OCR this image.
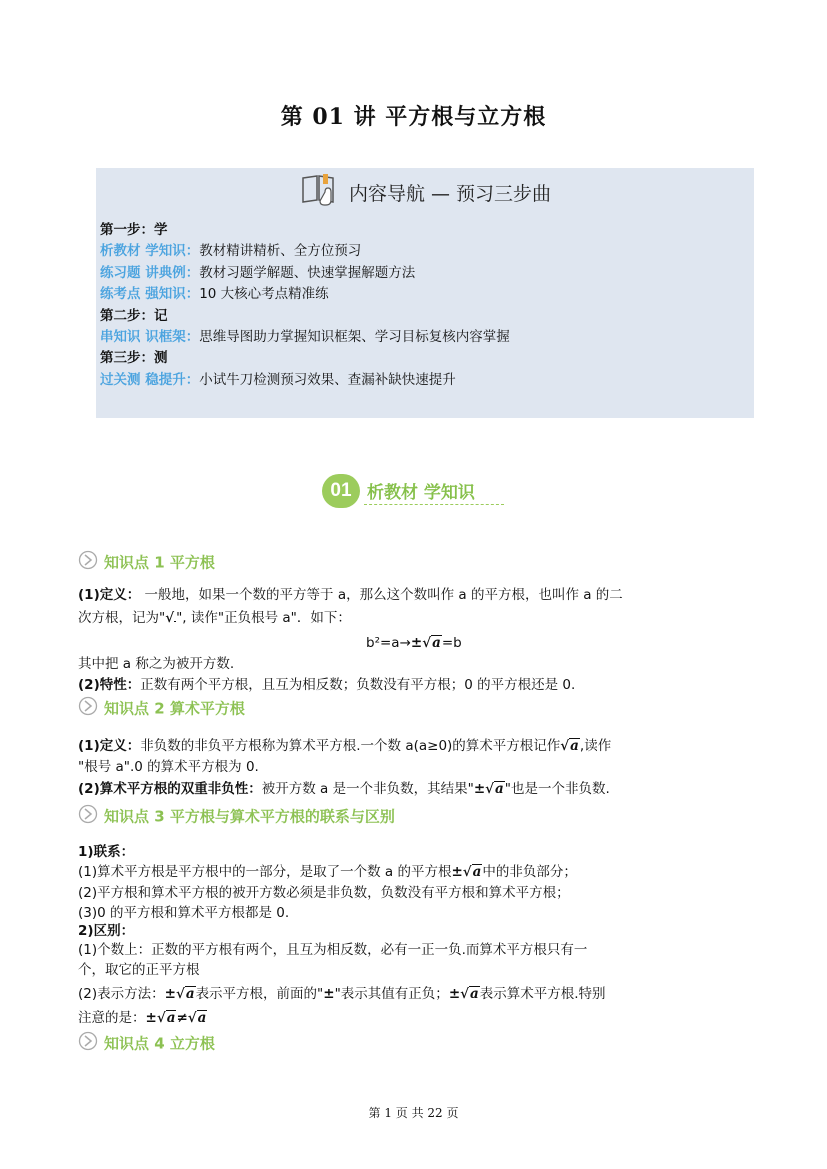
第 01 讲 平方根与立方根
内容导航 — 预习三步曲
第一步：学
析教材 学知识：教材精讲精析、全方位预习
练习题 讲典例：教材习题学解题、快速掌握解题方法
练考点 强知识：10 大核心考点精准练
第二步：记
串知识 识框架：思维导图助力掌握知识框架、学习目标复核内容掌握
第三步：测
过关测 稳提升：小试牛刀检测预习效果、查漏补缺快速提升
01 析教材 学知识
知识点 1 平方根
(1)定义： 一般地，如果一个数的平方等于 a，那么这个数叫作 a 的平方根，也叫作 a 的二
次方根，记为"√ ", 读作"正负根号 a"．如下：
b²=a→±√a=b
其中把 a 称之为被开方数.
(2)特性：正数有两个平方根，且互为相反数；负数没有平方根；0 的平方根还是 0.
知识点 2 算术平方根
(1)定义：非负数的非负平方根称为算术平方根.一个数 a(a≥0)的算术平方根记作√a,读作
"根号 a".0 的算术平方根为 0.
(2)算术平方根的双重非负性：被开方数 a 是一个非负数，其结果"±√a"也是一个非负数.
知识点 3 平方根与算术平方根的联系与区别
1)联系：
(1)算术平方根是平方根中的一部分，是取了一个数 a 的平方根±√a中的非负部分；
(2)平方根和算术平方根的被开方数必须是非负数，负数没有平方根和算术平方根；
(3)0 的平方根和算术平方根都是 0.
2)区别：
(1)个数上：正数的平方根有两个，且互为相反数，必有一正一负.而算术平方根只有一
个，取它的正平方根
(2)表示方法：±√a表示平方根，前面的"±"表示其值有正负；±√a表示算术平方根.特别
注意的是：±√a≠√a
知识点 4 立方根
第 1 页 共 22 页
